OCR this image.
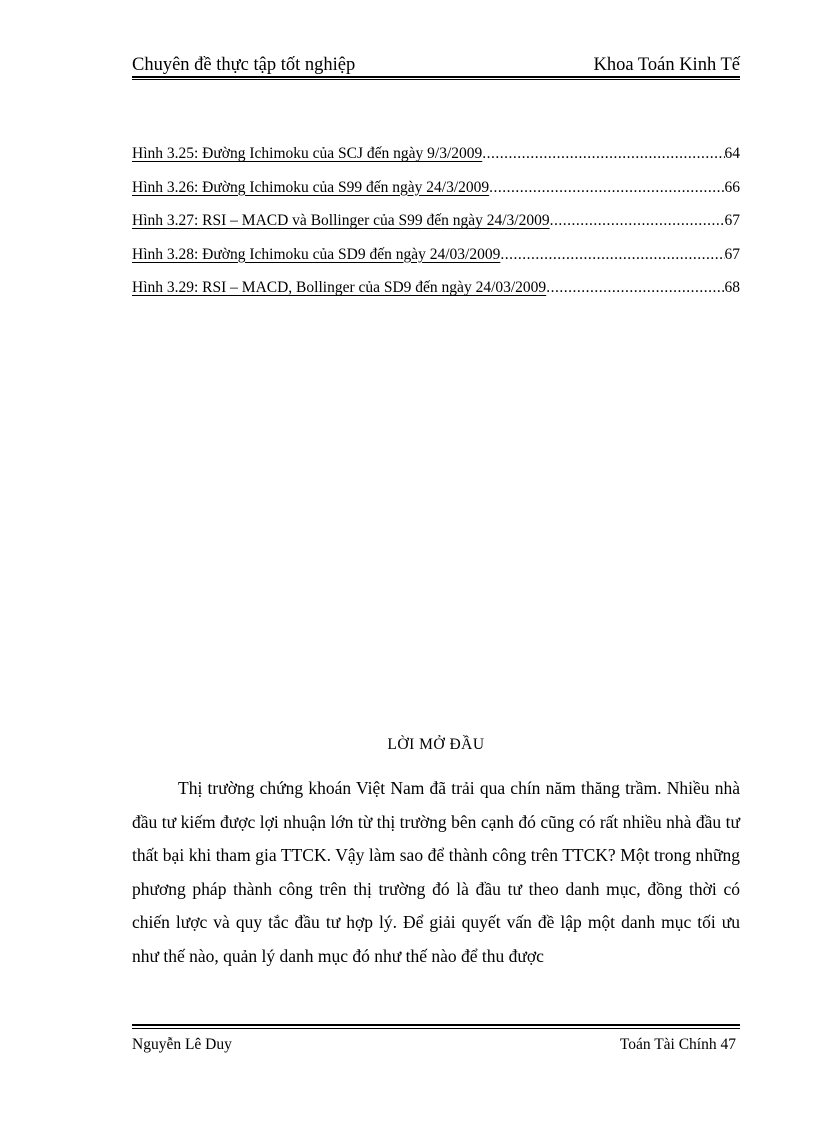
Chuyên đề thực tập tốt nghiệp	Khoa Toán Kinh Tế
Hình 3.25: Đường Ichimoku của SCJ đến ngày 9/3/2009 .....	64
Hình 3.26: Đường Ichimoku của S99 đến ngày 24/3/2009 .....	66
Hình 3.27: RSI – MACD và Bollinger của S99 đến ngày 24/3/2009 .....	67
Hình 3.28: Đường Ichimoku của SD9 đến ngày 24/03/2009 .....	67
Hình 3.29: RSI – MACD, Bollinger của SD9 đến ngày 24/03/2009 .....	68
LỜI MỞ ĐẦU

Thị trường chứng khoán Việt Nam đã trải qua chín năm thăng trầm. Nhiều nhà đầu tư kiếm được lợi nhuận lớn từ thị trường bên cạnh đó cũng có rất nhiều nhà đầu tư thất bại khi tham gia TTCK. Vậy làm sao để thành công trên TTCK? Một trong những phương pháp thành công trên thị trường đó là đầu tư theo danh mục, đồng thời có chiến lược và quy tắc đầu tư hợp lý. Để giải quyết vấn đề lập một danh mục tối ưu như thế nào, quản lý danh mục đó như thế nào để thu được

Nguyễn Lê Duy	Toán Tài Chính 47
